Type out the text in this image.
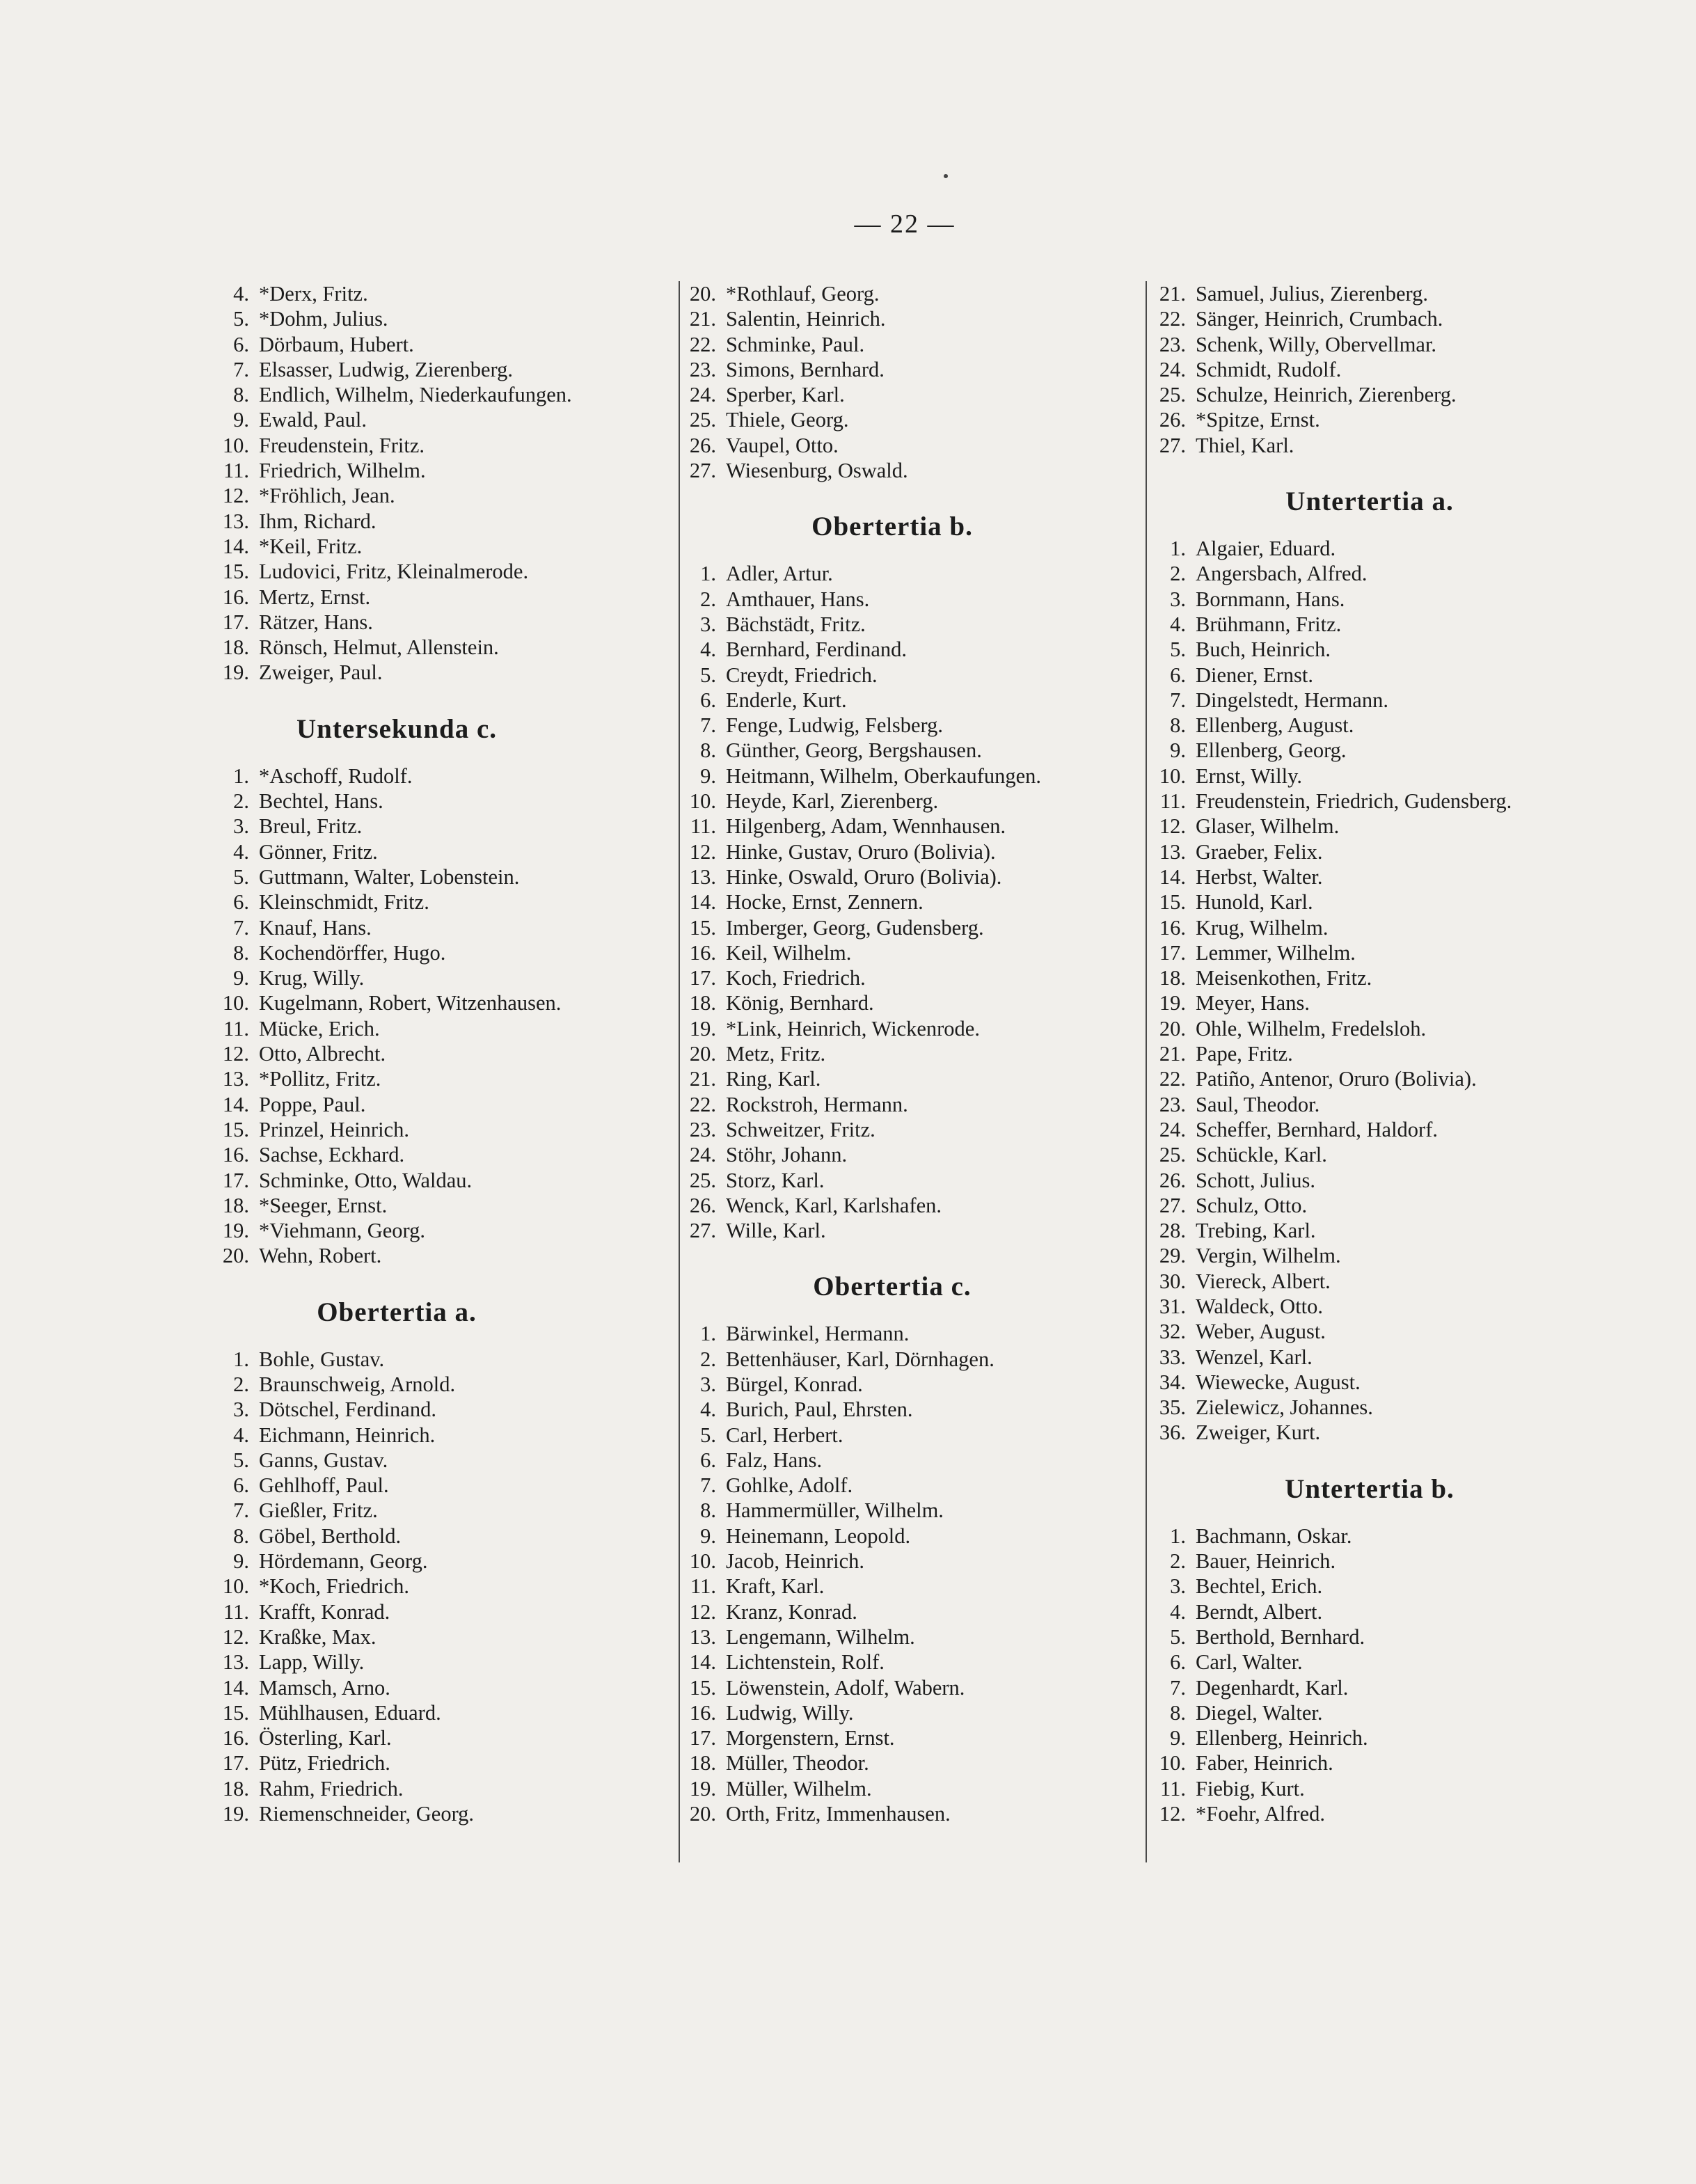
— 22 —
4. *Derx, Fritz.
5. *Dohm, Julius.
6. Dörbaum, Hubert.
7. Elsasser, Ludwig, Zierenberg.
8. Endlich, Wilhelm, Niederkaufungen.
9. Ewald, Paul.
10. Freudenstein, Fritz.
11. Friedrich, Wilhelm.
12. *Fröhlich, Jean.
13. Ihm, Richard.
14. *Keil, Fritz.
15. Ludovici, Fritz, Kleinalmerode.
16. Mertz, Ernst.
17. Rätzer, Hans.
18. Rönsch, Helmut, Allenstein.
19. Zweiger, Paul.
Untersekunda c.
1. *Aschoff, Rudolf.
2. Bechtel, Hans.
3. Breul, Fritz.
4. Gönner, Fritz.
5. Guttmann, Walter, Lobenstein.
6. Kleinschmidt, Fritz.
7. Knauf, Hans.
8. Kochendörffer, Hugo.
9. Krug, Willy.
10. Kugelmann, Robert, Witzenhausen.
11. Mücke, Erich.
12. Otto, Albrecht.
13. *Pollitz, Fritz.
14. Poppe, Paul.
15. Prinzel, Heinrich.
16. Sachse, Eckhard.
17. Schminke, Otto, Waldau.
18. *Seeger, Ernst.
19. *Viehmann, Georg.
20. Wehn, Robert.
Obertertia a.
1. Bohle, Gustav.
2. Braunschweig, Arnold.
3. Dötschel, Ferdinand.
4. Eichmann, Heinrich.
5. Ganns, Gustav.
6. Gehlhoff, Paul.
7. Gießler, Fritz.
8. Göbel, Berthold.
9. Hördemann, Georg.
10. *Koch, Friedrich.
11. Krafft, Konrad.
12. Kraßke, Max.
13. Lapp, Willy.
14. Mamsch, Arno.
15. Mühlhausen, Eduard.
16. Österling, Karl.
17. Pütz, Friedrich.
18. Rahm, Friedrich.
19. Riemenschneider, Georg.
20. *Rothlauf, Georg.
21. Salentin, Heinrich.
22. Schminke, Paul.
23. Simons, Bernhard.
24. Sperber, Karl.
25. Thiele, Georg.
26. Vaupel, Otto.
27. Wiesenburg, Oswald.
Obertertia b.
1. Adler, Artur.
2. Amthauer, Hans.
3. Bächstädt, Fritz.
4. Bernhard, Ferdinand.
5. Creydt, Friedrich.
6. Enderle, Kurt.
7. Fenge, Ludwig, Felsberg.
8. Günther, Georg, Bergshausen.
9. Heitmann, Wilhelm, Oberkaufungen.
10. Heyde, Karl, Zierenberg.
11. Hilgenberg, Adam, Wennhausen.
12. Hinke, Gustav, Oruro (Bolivia).
13. Hinke, Oswald, Oruro (Bolivia).
14. Hocke, Ernst, Zennern.
15. Imberger, Georg, Gudensberg.
16. Keil, Wilhelm.
17. Koch, Friedrich.
18. König, Bernhard.
19. *Link, Heinrich, Wickenrode.
20. Metz, Fritz.
21. Ring, Karl.
22. Rockstroh, Hermann.
23. Schweitzer, Fritz.
24. Stöhr, Johann.
25. Storz, Karl.
26. Wenck, Karl, Karlshafen.
27. Wille, Karl.
Obertertia c.
1. Bärwinkel, Hermann.
2. Bettenhäuser, Karl, Dörnhagen.
3. Bürgel, Konrad.
4. Burich, Paul, Ehrsten.
5. Carl, Herbert.
6. Falz, Hans.
7. Gohlke, Adolf.
8. Hammermüller, Wilhelm.
9. Heinemann, Leopold.
10. Jacob, Heinrich.
11. Kraft, Karl.
12. Kranz, Konrad.
13. Lengemann, Wilhelm.
14. Lichtenstein, Rolf.
15. Löwenstein, Adolf, Wabern.
16. Ludwig, Willy.
17. Morgenstern, Ernst.
18. Müller, Theodor.
19. Müller, Wilhelm.
20. Orth, Fritz, Immenhausen.
21. Samuel, Julius, Zierenberg.
22. Sänger, Heinrich, Crumbach.
23. Schenk, Willy, Obervellmar.
24. Schmidt, Rudolf.
25. Schulze, Heinrich, Zierenberg.
26. *Spitze, Ernst.
27. Thiel, Karl.
Untertertia a.
1. Algaier, Eduard.
2. Angersbach, Alfred.
3. Bornmann, Hans.
4. Brühmann, Fritz.
5. Buch, Heinrich.
6. Diener, Ernst.
7. Dingelstedt, Hermann.
8. Ellenberg, August.
9. Ellenberg, Georg.
10. Ernst, Willy.
11. Freudenstein, Friedrich, Gudensberg.
12. Glaser, Wilhelm.
13. Graeber, Felix.
14. Herbst, Walter.
15. Hunold, Karl.
16. Krug, Wilhelm.
17. Lemmer, Wilhelm.
18. Meisenkothen, Fritz.
19. Meyer, Hans.
20. Ohle, Wilhelm, Fredelsloh.
21. Pape, Fritz.
22. Patiño, Antenor, Oruro (Bolivia).
23. Saul, Theodor.
24. Scheffer, Bernhard, Haldorf.
25. Schückle, Karl.
26. Schott, Julius.
27. Schulz, Otto.
28. Trebing, Karl.
29. Vergin, Wilhelm.
30. Viereck, Albert.
31. Waldeck, Otto.
32. Weber, August.
33. Wenzel, Karl.
34. Wiewecke, August.
35. Zielewicz, Johannes.
36. Zweiger, Kurt.
Untertertia b.
1. Bachmann, Oskar.
2. Bauer, Heinrich.
3. Bechtel, Erich.
4. Berndt, Albert.
5. Berthold, Bernhard.
6. Carl, Walter.
7. Degenhardt, Karl.
8. Diegel, Walter.
9. Ellenberg, Heinrich.
10. Faber, Heinrich.
11. Fiebig, Kurt.
12. *Foehr, Alfred.
